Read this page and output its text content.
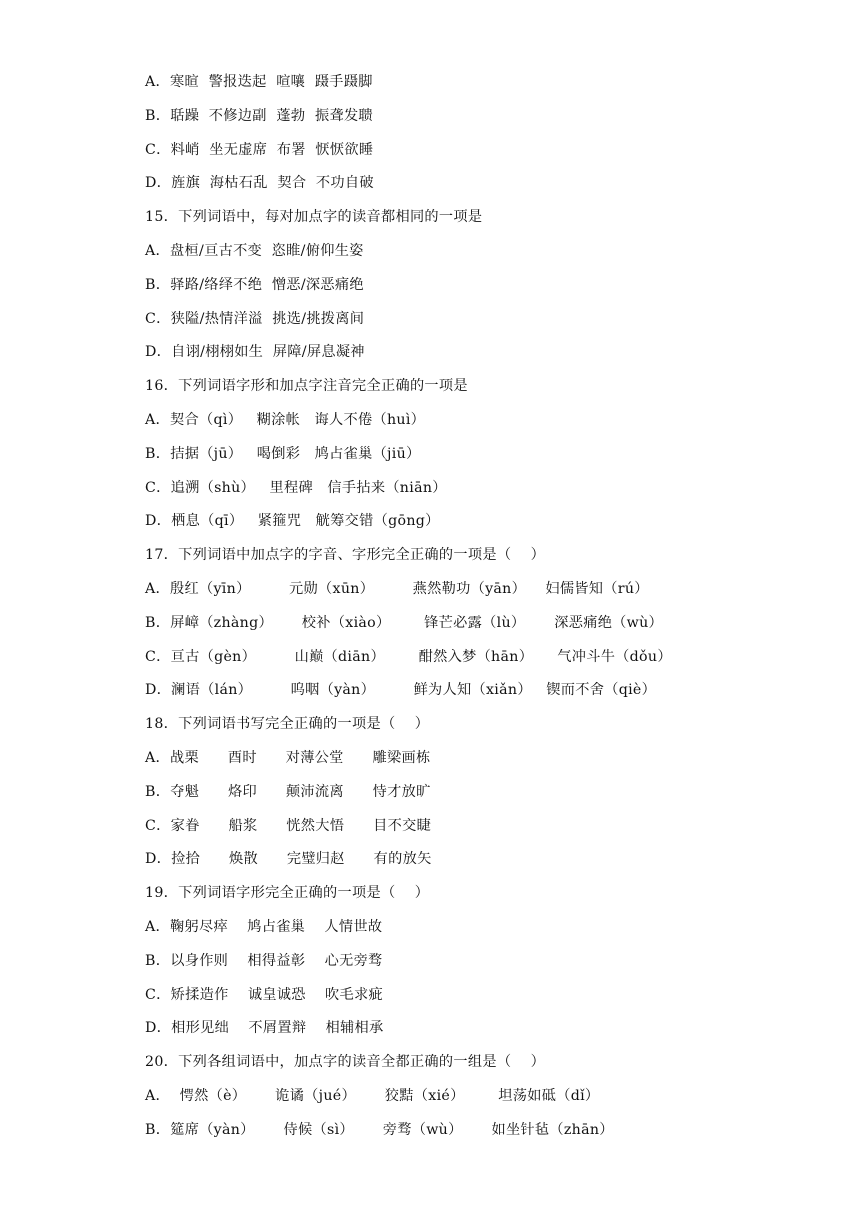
A．寒暄  警报迭起  喧嚷  蹑手蹑脚
B．聒躁  不修边副  蓬勃  振聋发聩
C．料峭  坐无虚席  布署  恹恹欲睡
D．旌旗  海枯石乱  契合  不功自破
15．下列词语中，每对加点字的读音都相同的一项是
A．盘桓/亘古不变  恣睢/俯仰生姿
B．驿路/络绎不绝  憎恶/深恶痛绝
C．狭隘/热情洋溢  挑选/挑拨离间
D．自诩/栩栩如生  屏障/屏息凝神
16．下列词语字形和加点字注音完全正确的一项是
A．契合（qì）   糊涂帐   诲人不倦（huì）
B．拮据（jū）   喝倒彩   鸠占雀巢（jiū）
C．追溯（shù）   里程碑   信手拈来（niān）
D．栖息（qī）   紧箍咒   觥筹交错（gōng）
17．下列词语中加点字的字音、字形完全正确的一项是（    ）
A．殷红（yīn）        元勋（xūn）        燕然勒功（yān）    妇儒皆知（rú）
B．屏嶂（zhàng）      校补（xiào）       锋芒必露（lù）      深恶痛绝（wù）
C．亘古（gèn）        山巅（diān）       酣然入梦（hān）     气冲斗牛（dǒu）
D．澜语（lán）        呜咽（yàn）        鲜为人知（xiǎn）   锲而不舍（qiè）
18．下列词语书写完全正确的一项是（    ）
A．战栗      酉时      对薄公堂      雕梁画栋
B．夺魁      烙印      颠沛流离      恃才放旷
C．家眷      船浆      恍然大悟      目不交睫
D．捡拾      焕散      完璧归赵      有的放矢
19．下列词语字形完全正确的一项是（    ）
A．鞠躬尽瘁    鸠占雀巢    人情世故
B．以身作则    相得益彰    心无旁骛
C．矫揉造作    诚皇诚恐    吹毛求疵
D．相形见绌    不屑置辩    相辅相承
20．下列各组词语中，加点字的读音全都正确的一组是（    ）
A．  愕然（è）      诡谲（jué）      狡黠（xié）       坦荡如砥（dǐ）
B．筵席（yàn）      侍候（sì）      旁骛（wù）      如坐针毡（zhān）
